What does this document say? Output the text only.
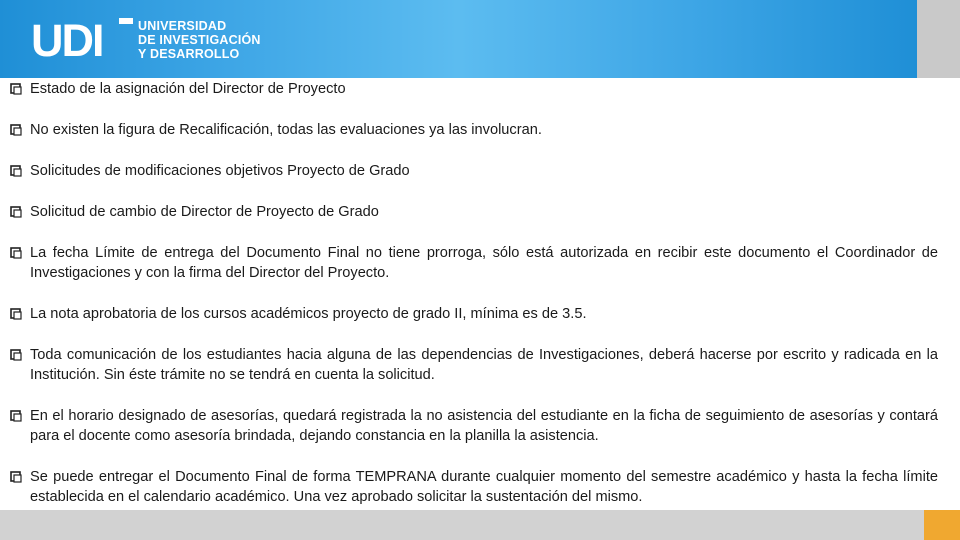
UDI	UNIVERSIDAD
DE INVESTIGACIÓN
Y DESARROLLO
Estado de la asignación del Director de Proyecto
No existen la figura de Recalificación, todas las evaluaciones ya las involucran.
Solicitudes de modificaciones objetivos Proyecto de Grado
Solicitud de cambio de Director de Proyecto de Grado
La fecha Límite de entrega del Documento Final no tiene prorroga, sólo está autorizada en recibir este documento el Coordinador de Investigaciones y con la firma del Director del Proyecto.
La nota aprobatoria de los cursos académicos proyecto de grado II, mínima es de 3.5.
Toda comunicación de los estudiantes hacia alguna de las dependencias de Investigaciones, deberá hacerse por escrito y radicada en la Institución. Sin éste trámite no se tendrá en cuenta la solicitud.
En el horario designado de asesorías, quedará registrada la no asistencia del estudiante en la ficha de seguimiento de asesorías y contará para el docente como asesoría brindada, dejando constancia en la planilla la asistencia.
Se puede entregar el Documento Final de forma TEMPRANA durante cualquier momento del semestre académico y hasta la fecha límite establecida en el calendario académico. Una vez aprobado solicitar la sustentación del mismo.
